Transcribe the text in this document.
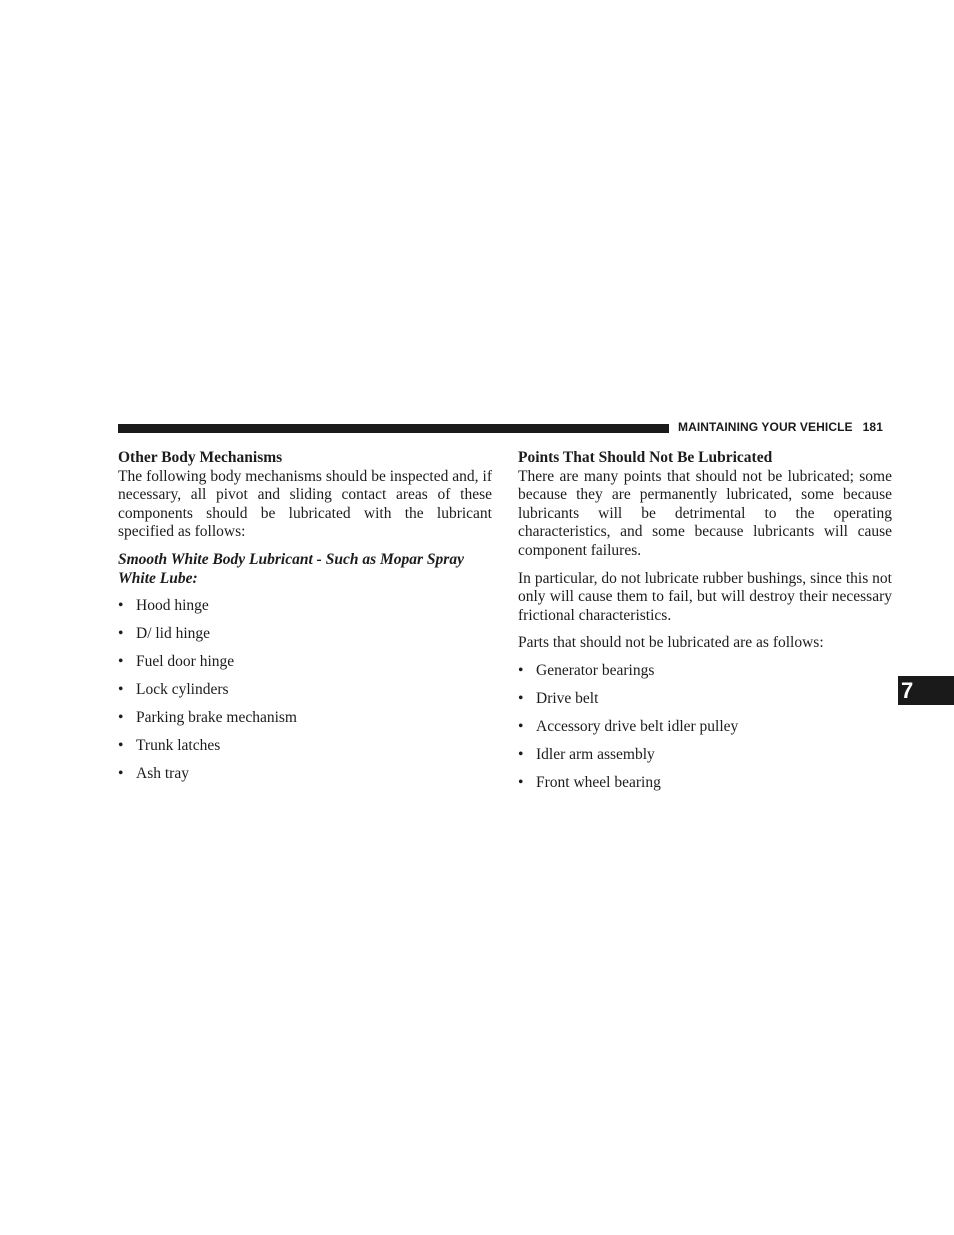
MAINTAINING YOUR VEHICLE 181

Other Body Mechanisms

The following body mechanisms should be inspected and, if necessary, all pivot and sliding contact areas of these components should be lubricated with the lubricant specified as follows:

Smooth White Body Lubricant - Such as Mopar Spray White Lube:

• Hood hinge
• D/ lid hinge
• Fuel door hinge
• Lock cylinders
• Parking brake mechanism
• Trunk latches
• Ash tray

Points That Should Not Be Lubricated

There are many points that should not be lubricated; some because they are permanently lubricated, some because lubricants will be detrimental to the operating characteristics, and some because lubricants will cause component failures.

In particular, do not lubricate rubber bushings, since this not only will cause them to fail, but will destroy their necessary frictional characteristics.

Parts that should not be lubricated are as follows:

• Generator bearings
• Drive belt
• Accessory drive belt idler pulley
• Idler arm assembly
• Front wheel bearing
7
